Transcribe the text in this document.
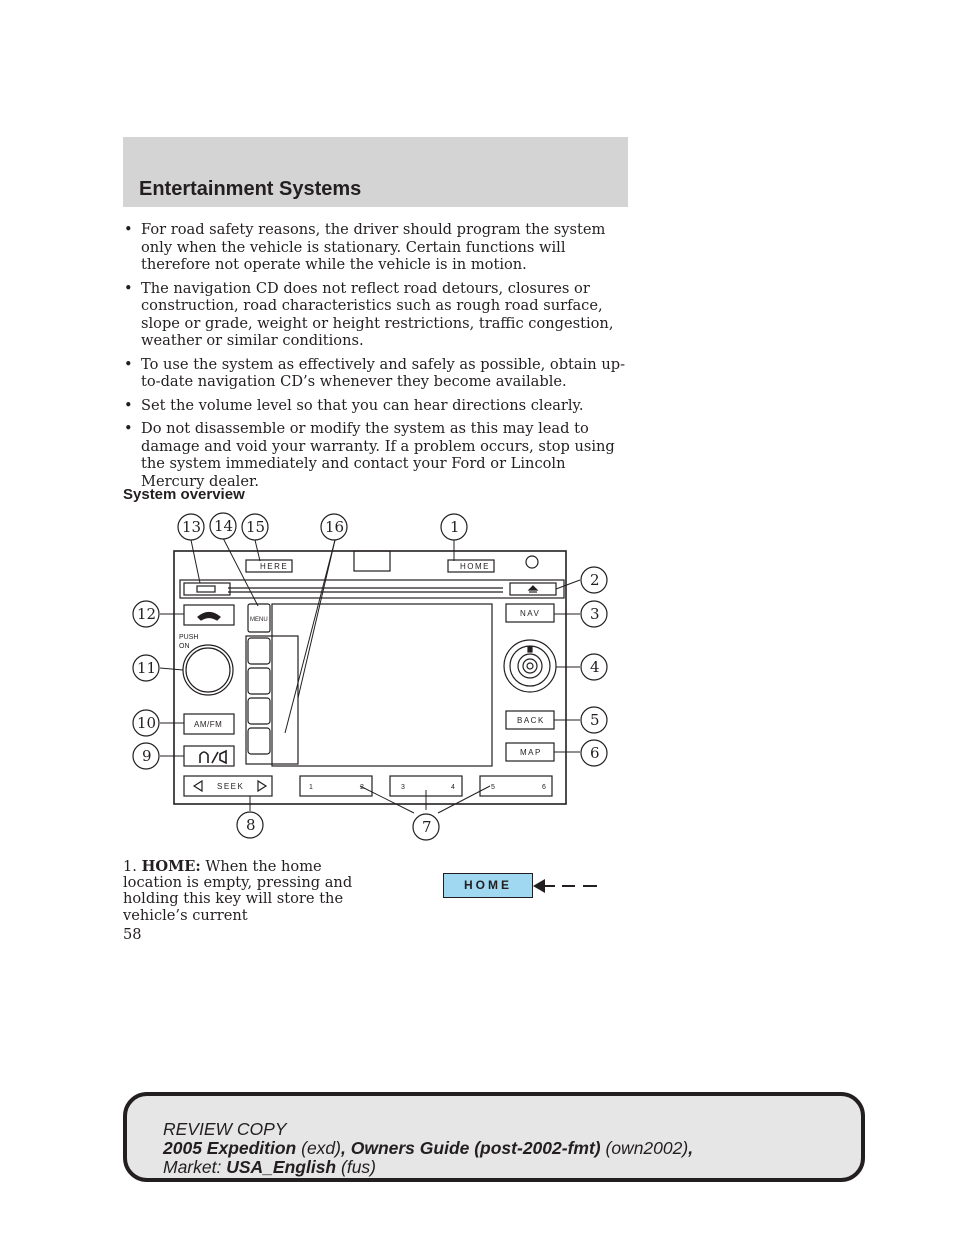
Entertainment Systems
• For road safety reasons, the driver should program the system only when the vehicle is stationary. Certain functions will therefore not operate while the vehicle is in motion.
• The navigation CD does not reflect road detours, closures or construction, road characteristics such as rough road surface, slope or grade, weight or height restrictions, traffic congestion, weather or similar conditions.
• To use the system as effectively and safely as possible, obtain up-to-date navigation CD’s whenever they become available.
• Set the volume level so that you can hear directions clearly.
• Do not disassemble or modify the system as this may lead to damage and void your warranty. If a problem occurs, stop using the system immediately and contact your Ford or Lincoln Mercury dealer.
System overview
HERE	HOME
MENU
NAV
BACK
MAP
AM/FM
SEEK
PUSH
ON
1	2	3	4	5	6
13 14 15	16	1
2
3
4
5
6
12
11
10
9
8	7
1. HOME: When the home location is empty, pressing and holding this key will store the vehicle’s current
HOME
58
REVIEW COPY
2005 Expedition (exd), Owners Guide (post-2002-fmt) (own2002),
Market: USA_English (fus)
